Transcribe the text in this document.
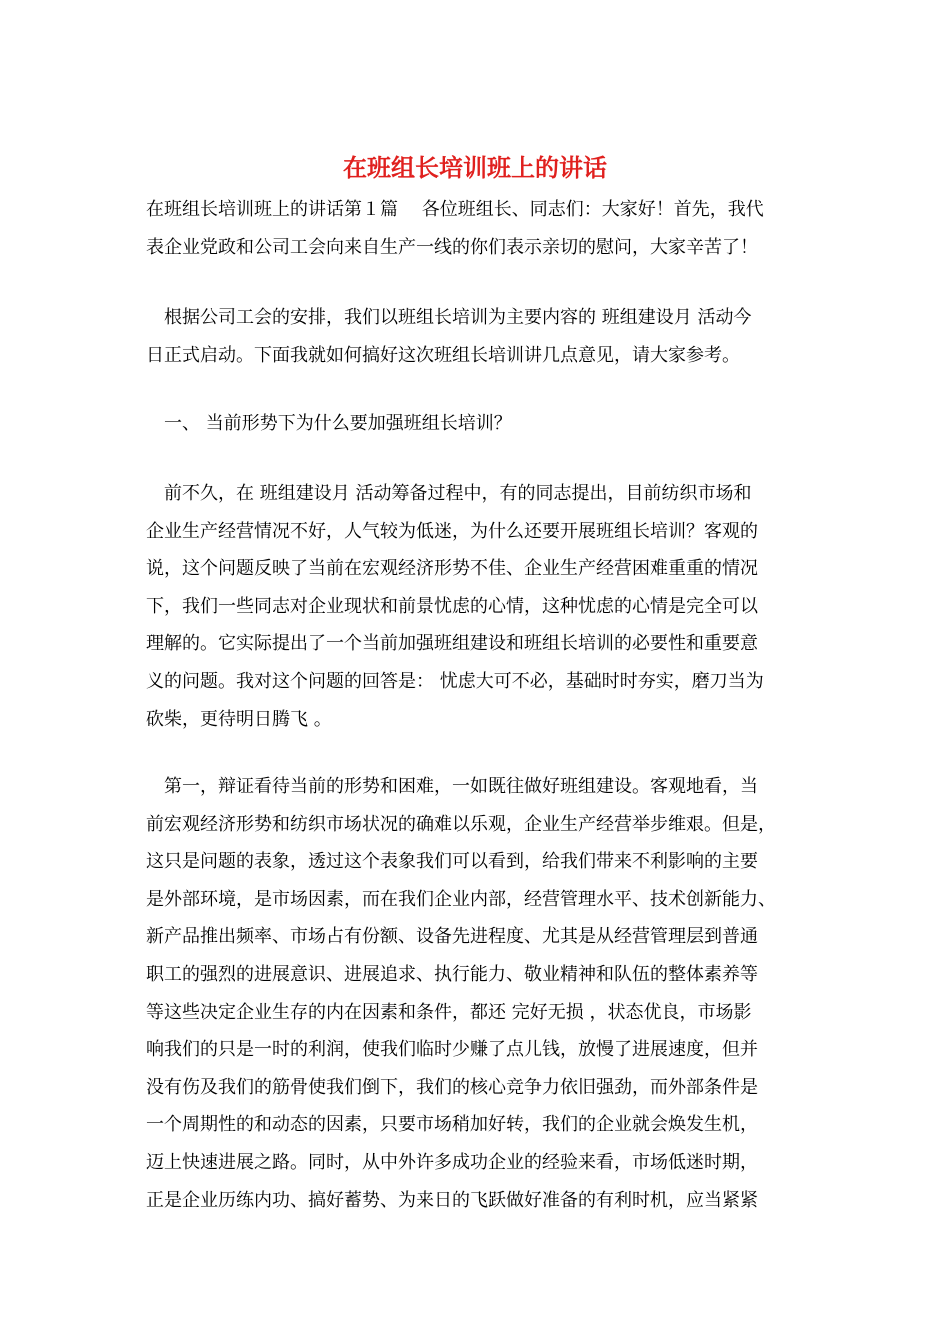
在班组长培训班上的讲话
在班组长培训班上的讲话第１篇　 各位班组长、同志们：大家好！首先，我代
表企业党政和公司工会向来自生产一线的你们表示亲切的慰问，大家辛苦了！
　根据公司工会的安排，我们以班组长培训为主要内容的 班组建设月 活动今
日正式启动。下面我就如何搞好这次班组长培训讲几点意见，请大家参考。
　一、 当前形势下为什么要加强班组长培训？
　前不久，在 班组建设月 活动筹备过程中，有的同志提出，目前纺织市场和
企业生产经营情况不好，人气较为低迷，为什么还要开展班组长培训？客观的
说，这个问题反映了当前在宏观经济形势不佳、企业生产经营困难重重的情况
下，我们一些同志对企业现状和前景忧虑的心情，这种忧虑的心情是完全可以
理解的。它实际提出了一个当前加强班组建设和班组长培训的必要性和重要意
义的问题。我对这个问题的回答是： 忧虑大可不必，基础时时夯实，磨刀当为
砍柴，更待明日腾飞 。
　第一，辩证看待当前的形势和困难，一如既往做好班组建设。客观地看，当
前宏观经济形势和纺织市场状况的确难以乐观，企业生产经营举步维艰。但是，
这只是问题的表象，透过这个表象我们可以看到，给我们带来不利影响的主要
是外部环境，是市场因素，而在我们企业内部，经营管理水平、技术创新能力、
新产品推出频率、市场占有份额、设备先进程度、尤其是从经营管理层到普通
职工的强烈的进展意识、进展追求、执行能力、敬业精神和队伍的整体素养等
等这些决定企业生存的内在因素和条件，都还 完好无损 ，状态优良，市场影
响我们的只是一时的利润，使我们临时少赚了点儿钱，放慢了进展速度，但并
没有伤及我们的筋骨使我们倒下，我们的核心竞争力依旧强劲，而外部条件是
一个周期性的和动态的因素，只要市场稍加好转，我们的企业就会焕发生机，
迈上快速进展之路。同时，从中外许多成功企业的经验来看，市场低迷时期，
正是企业历练内功、搞好蓄势、为来日的飞跃做好准备的有利时机，应当紧紧
